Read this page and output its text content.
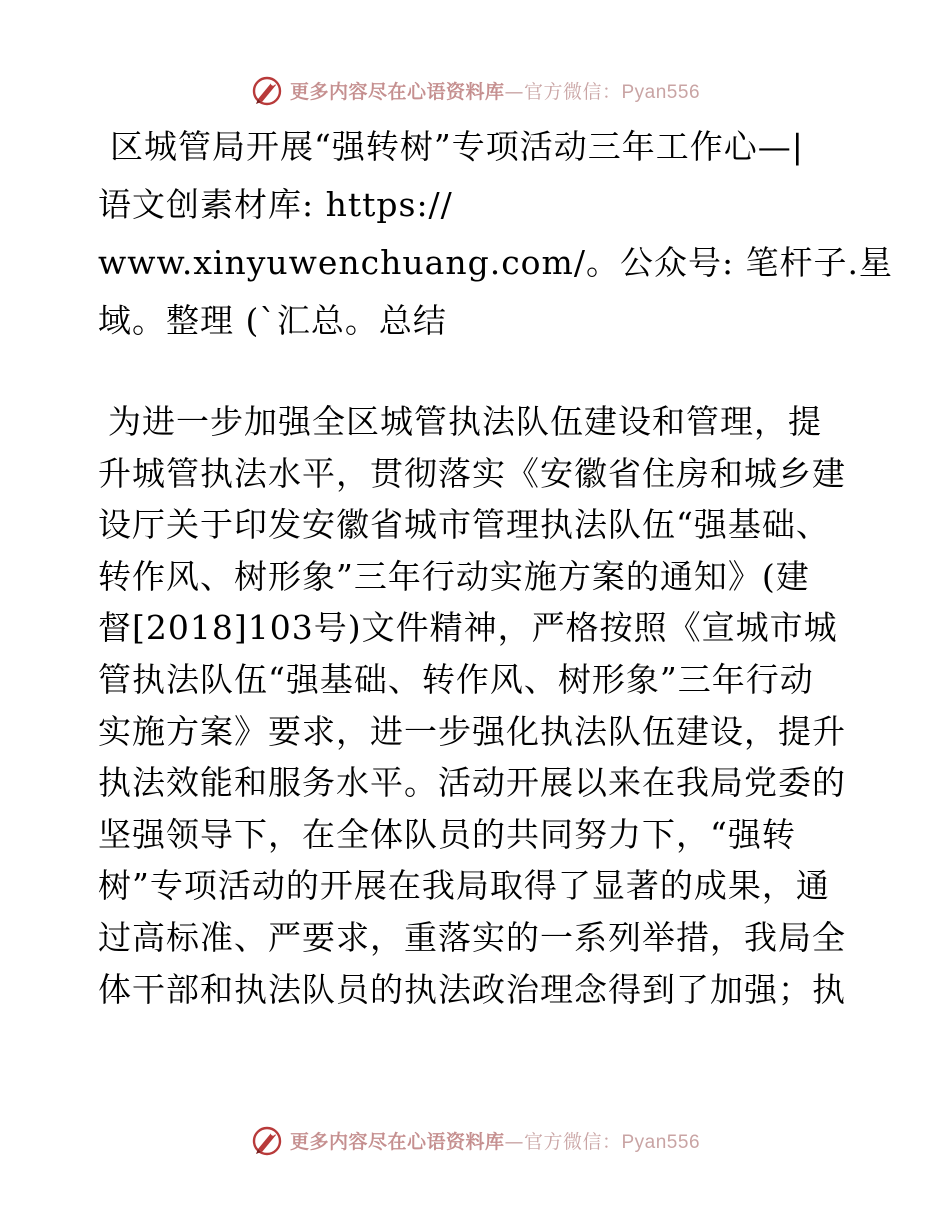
更多内容尽在心语资料库—官方微信：Pyan556
区城管局开展“强转树”专项活动三年工作心—|
语文创素材库: https://
www.xinyuwenchuang.com/。公众号: 笔杆子.星
域。整理 (`汇总。总结
为进一步加强全区城管执法队伍建设和管理，提
升城管执法水平，贯彻落实《安徽省住房和城乡建
设厅关于印发安徽省城市管理执法队伍“强基础、
转作风、树形象”三年行动实施方案的通知》(建
督[2018]103号)文件精神，严格按照《宣城市城
管执法队伍“强基础、转作风、树形象”三年行动
实施方案》要求，进一步强化执法队伍建设，提升
执法效能和服务水平。活动开展以来在我局党委的
坚强领导下，在全体队员的共同努力下，“强转
树”专项活动的开展在我局取得了显著的成果，通
过高标准、严要求，重落实的一系列举措，我局全
体干部和执法队员的执法政治理念得到了加强；执
更多内容尽在心语资料库—官方微信：Pyan556
